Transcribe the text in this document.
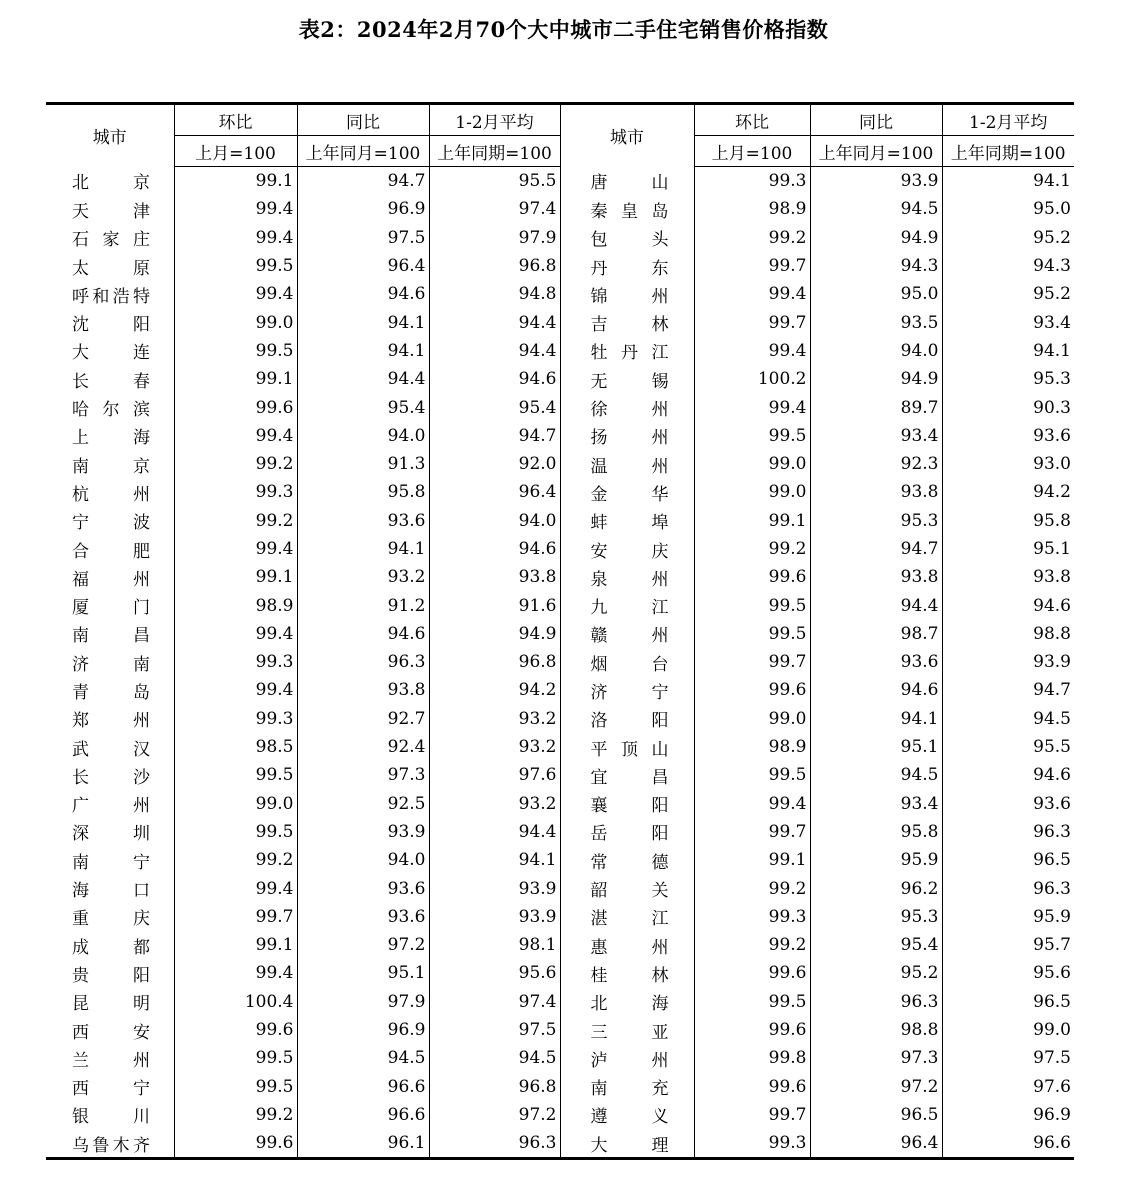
表2：2024年2月70个大中城市二手住宅销售价格指数
城市	环比	同比	1-2月平均	城市	环比	同比	1-2月平均
	上月=100	上年同月=100	上年同期=100		上月=100	上年同月=100	上年同期=100
北京	99.1	94.7	95.5	唐山	99.3	93.9	94.1
天津	99.4	96.9	97.4	秦皇岛	98.9	94.5	95.0
石家庄	99.4	97.5	97.9	包头	99.2	94.9	95.2
太原	99.5	96.4	96.8	丹东	99.7	94.3	94.3
呼和浩特	99.4	94.6	94.8	锦州	99.4	95.0	95.2
沈阳	99.0	94.1	94.4	吉林	99.7	93.5	93.4
大连	99.5	94.1	94.4	牡丹江	99.4	94.0	94.1
长春	99.1	94.4	94.6	无锡	100.2	94.9	95.3
哈尔滨	99.6	95.4	95.4	徐州	99.4	89.7	90.3
上海	99.4	94.0	94.7	扬州	99.5	93.4	93.6
南京	99.2	91.3	92.0	温州	99.0	92.3	93.0
杭州	99.3	95.8	96.4	金华	99.0	93.8	94.2
宁波	99.2	93.6	94.0	蚌埠	99.1	95.3	95.8
合肥	99.4	94.1	94.6	安庆	99.2	94.7	95.1
福州	99.1	93.2	93.8	泉州	99.6	93.8	93.8
厦门	98.9	91.2	91.6	九江	99.5	94.4	94.6
南昌	99.4	94.6	94.9	赣州	99.5	98.7	98.8
济南	99.3	96.3	96.8	烟台	99.7	93.6	93.9
青岛	99.4	93.8	94.2	济宁	99.6	94.6	94.7
郑州	99.3	92.7	93.2	洛阳	99.0	94.1	94.5
武汉	98.5	92.4	93.2	平顶山	98.9	95.1	95.5
长沙	99.5	97.3	97.6	宜昌	99.5	94.5	94.6
广州	99.0	92.5	93.2	襄阳	99.4	93.4	93.6
深圳	99.5	93.9	94.4	岳阳	99.7	95.8	96.3
南宁	99.2	94.0	94.1	常德	99.1	95.9	96.5
海口	99.4	93.6	93.9	韶关	99.2	96.2	96.3
重庆	99.7	93.6	93.9	湛江	99.3	95.3	95.9
成都	99.1	97.2	98.1	惠州	99.2	95.4	95.7
贵阳	99.4	95.1	95.6	桂林	99.6	95.2	95.6
昆明	100.4	97.9	97.4	北海	99.5	96.3	96.5
西安	99.6	96.9	97.5	三亚	99.6	98.8	99.0
兰州	99.5	94.5	94.5	泸州	99.8	97.3	97.5
西宁	99.5	96.6	96.8	南充	99.6	97.2	97.6
银川	99.2	96.6	97.2	遵义	99.7	96.5	96.9
乌鲁木齐	99.6	96.1	96.3	大理	99.3	96.4	96.6
